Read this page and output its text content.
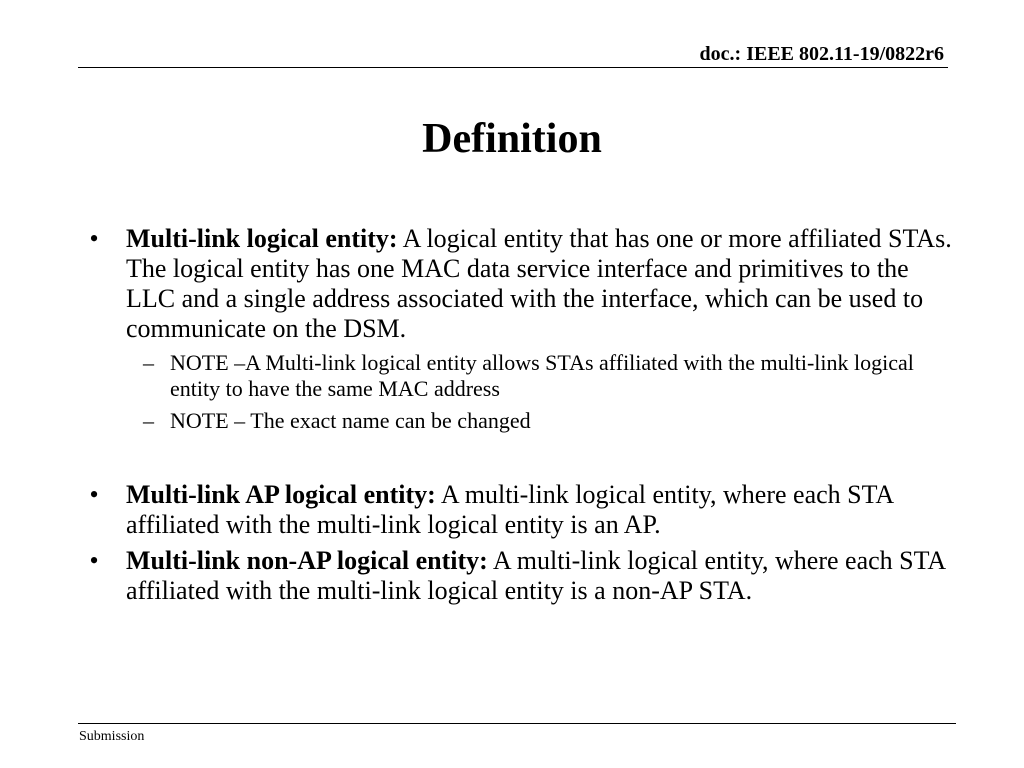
doc.: IEEE 802.11-19/0822r6
Definition
• Multi-link logical entity: A logical entity that has one or more affiliated STAs. The logical entity has one MAC data service interface and primitives to the LLC and a single address associated with the interface, which can be used to communicate on the DSM.
– NOTE –A Multi-link logical entity allows STAs affiliated with the multi-link logical entity to have the same MAC address
– NOTE – The exact name can be changed
• Multi-link AP logical entity: A multi-link logical entity, where each STA affiliated with the multi-link logical entity is an AP.
• Multi-link non-AP logical entity: A multi-link logical entity, where each STA affiliated with the multi-link logical entity is a non-AP STA.
Submission
